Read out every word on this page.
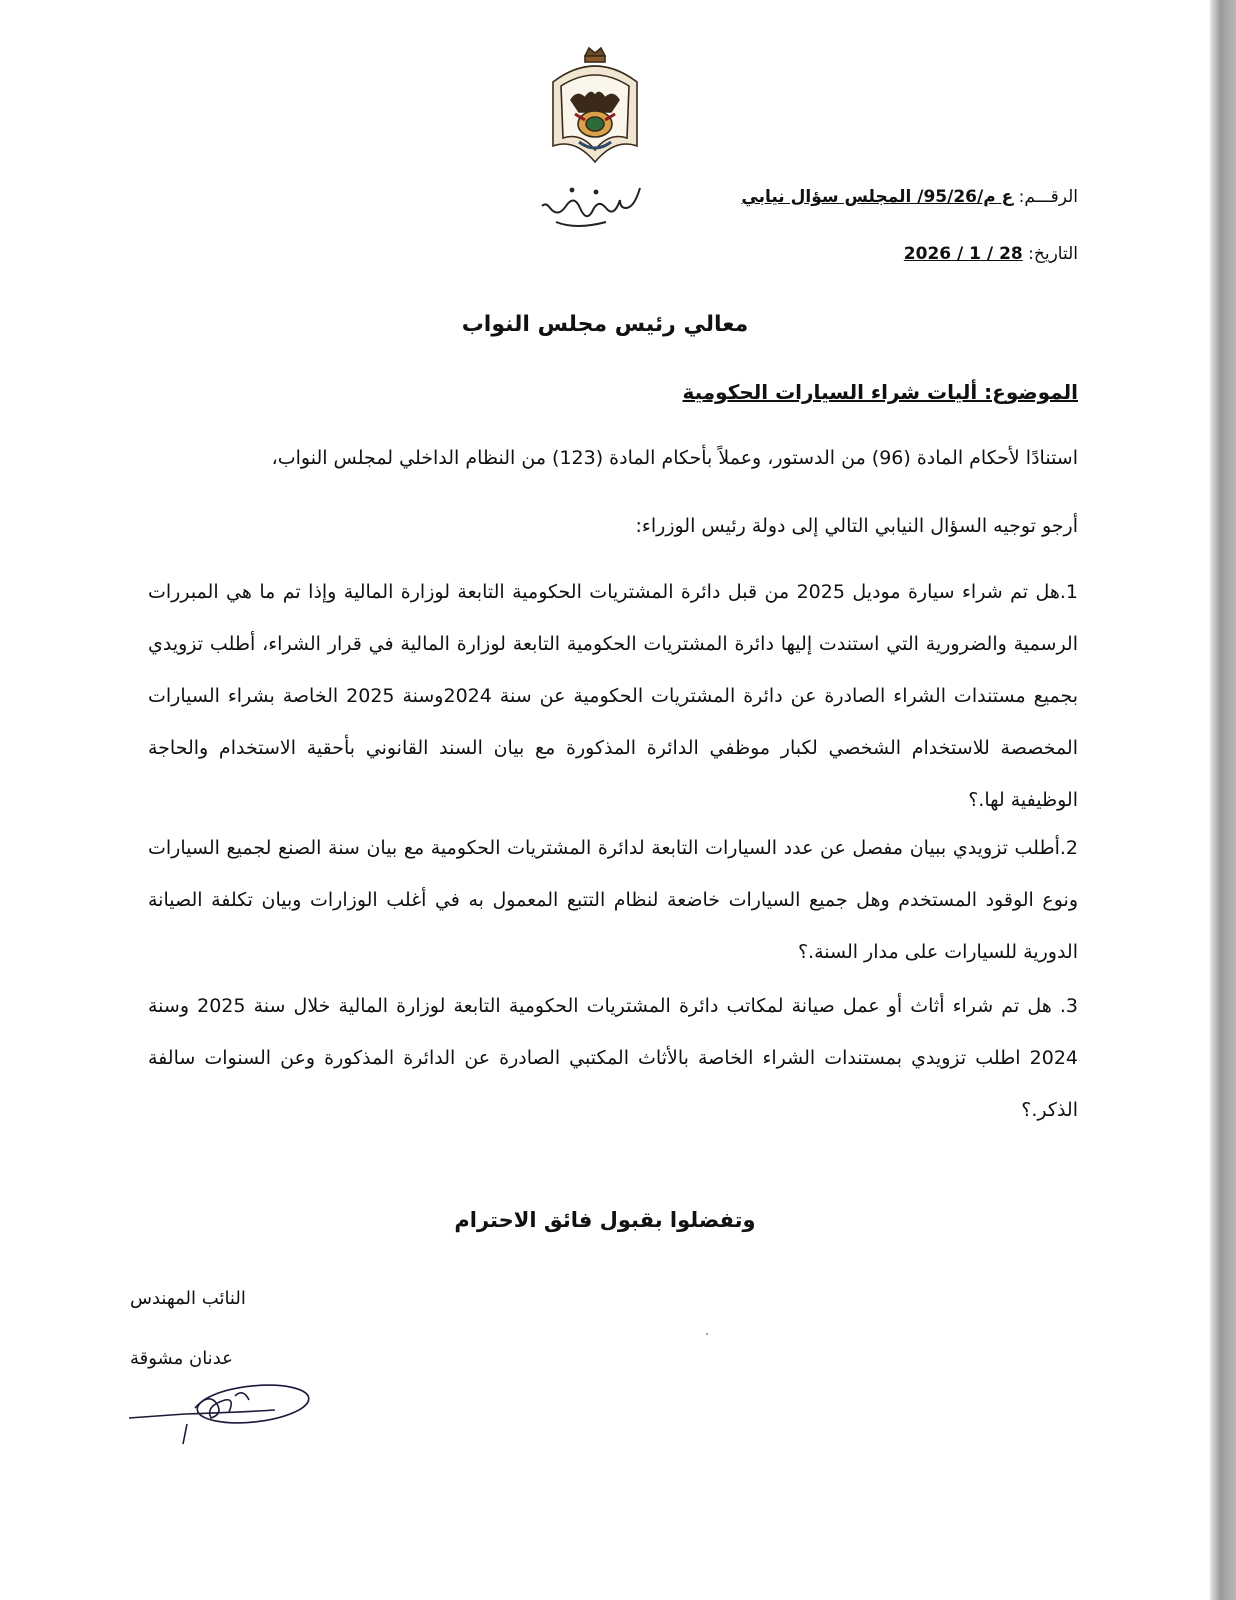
الرقـــم: ع م/95/26/ المجلس سؤال نيابي
التاريخ: 28 / 1 / 2026
معالي رئيس مجلس النواب
الموضوع: أليات شراء السيارات الحكومية
استنادًا لأحكام المادة (96) من الدستور، وعملاً بأحكام المادة (123) من النظام الداخلي لمجلس النواب،
أرجو توجيه السؤال النيابي التالي إلى دولة رئيس الوزراء:
1.هل تم شراء سيارة موديل 2025 من قبل دائرة المشتريات الحكومية التابعة لوزارة المالية وإذا تم ما هي المبررات الرسمية والضرورية التي استندت إليها دائرة المشتريات الحكومية التابعة لوزارة المالية في قرار الشراء، أطلب تزويدي بجميع مستندات الشراء الصادرة عن دائرة المشتريات الحكومية عن سنة 2024وسنة 2025 الخاصة بشراء السيارات المخصصة للاستخدام الشخصي لكبار موظفي الدائرة المذكورة مع بيان السند القانوني بأحقية الاستخدام والحاجة الوظيفية لها.؟
2.أطلب تزويدي ببيان مفصل عن عدد السيارات التابعة لدائرة المشتريات الحكومية مع بيان سنة الصنع لجميع السيارات ونوع الوقود المستخدم وهل جميع السيارات خاضعة لنظام التتبع المعمول به في أغلب الوزارات وبيان تكلفة الصيانة الدورية للسيارات على مدار السنة.؟
3. هل تم شراء أثاث أو عمل صيانة لمكاتب دائرة المشتريات الحكومية التابعة لوزارة المالية خلال سنة 2025 وسنة 2024 اطلب تزويدي بمستندات الشراء الخاصة بالأثاث المكتبي الصادرة عن الدائرة المذكورة وعن السنوات سالفة الذكر.؟
وتفضلوا بقبول فائق الاحترام
النائب المهندس
عدنان مشوقة
